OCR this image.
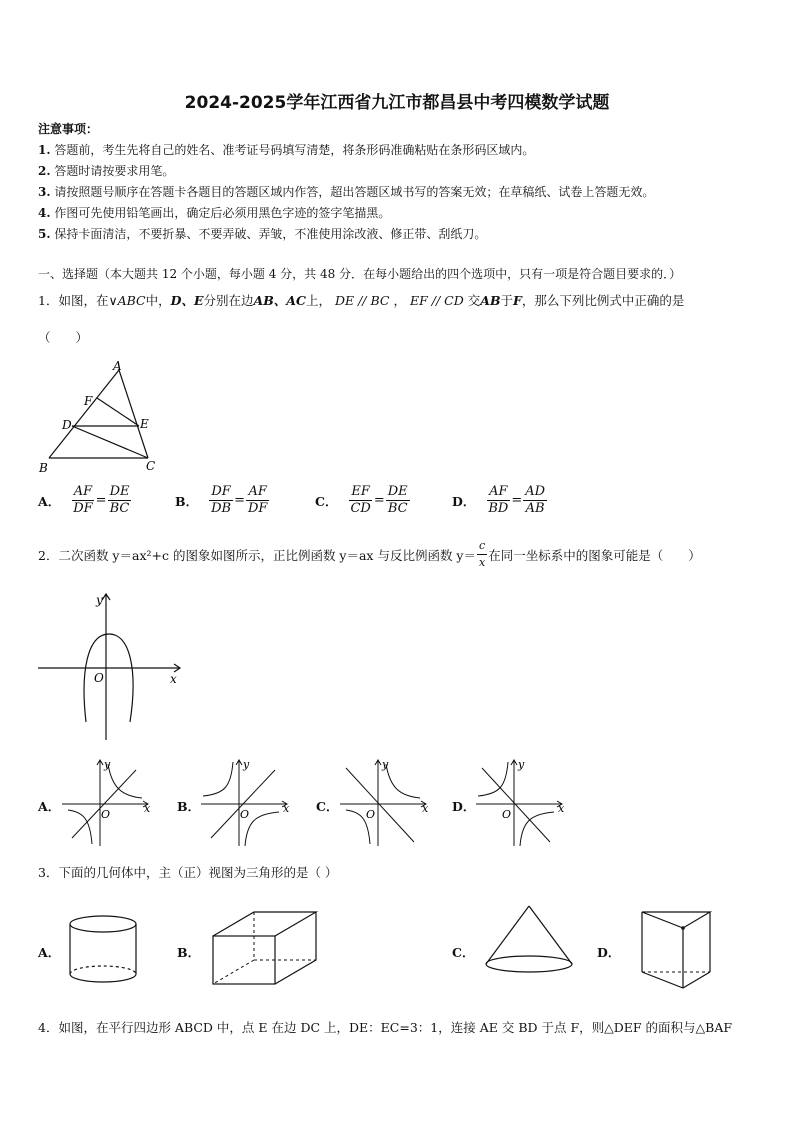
2024-2025学年江西省九江市都昌县中考四模数学试题
注意事项：
1. 答题前，考生先将自己的姓名、准考证号码填写清楚，将条形码准确粘贴在条形码区域内。
2. 答题时请按要求用笔。
3. 请按照题号顺序在答题卡各题目的答题区域内作答，超出答题区域书写的答案无效；在草稿纸、试卷上答题无效。
4. 作图可先使用铅笔画出，确定后必须用黑色字迹的签字笔描黑。
5. 保持卡面清洁，不要折暴、不要弄破、弄皱，不准使用涂改液、修正带、刮纸刀。
一、选择题（本大题共 12 个小题，每小题 4 分，共 48 分．在每小题给出的四个选项中，只有一项是符合题目要求的．）
1．如图，在∨ABC中，D、E分别在边AB、AC上， DE // BC ， EF // CD 交AB于F，那么下列比例式中正确的是
（　　）
A
F
D	E
B	C
A． $\frac{AF}{DF} = \frac{DE}{BC}$	B． $\frac{DF}{DB} = \frac{AF}{DF}$	C． $\frac{EF}{CD} = \frac{DE}{BC}$	D． $\frac{AF}{BD} = \frac{AD}{AB}$
2．二次函数 y＝ax²+c 的图象如图所示，正比例函数 y＝ax 与反比例函数 $y= \frac{c}{x}$ 在同一坐标系中的图象可能是（　　）
y
x
O
A．
y
x
O
B．
y
x
O
C．
y
x
O
D．
y
x
O
3．下面的几何体中，主（正）视图为三角形的是（ ）
A．	B．	C．	D．
4．如图，在平行四边形 ABCD 中，点 E 在边 DC 上，DE：EC=3：1，连接 AE 交 BD 于点 F，则△DEF 的面积与△BAF
